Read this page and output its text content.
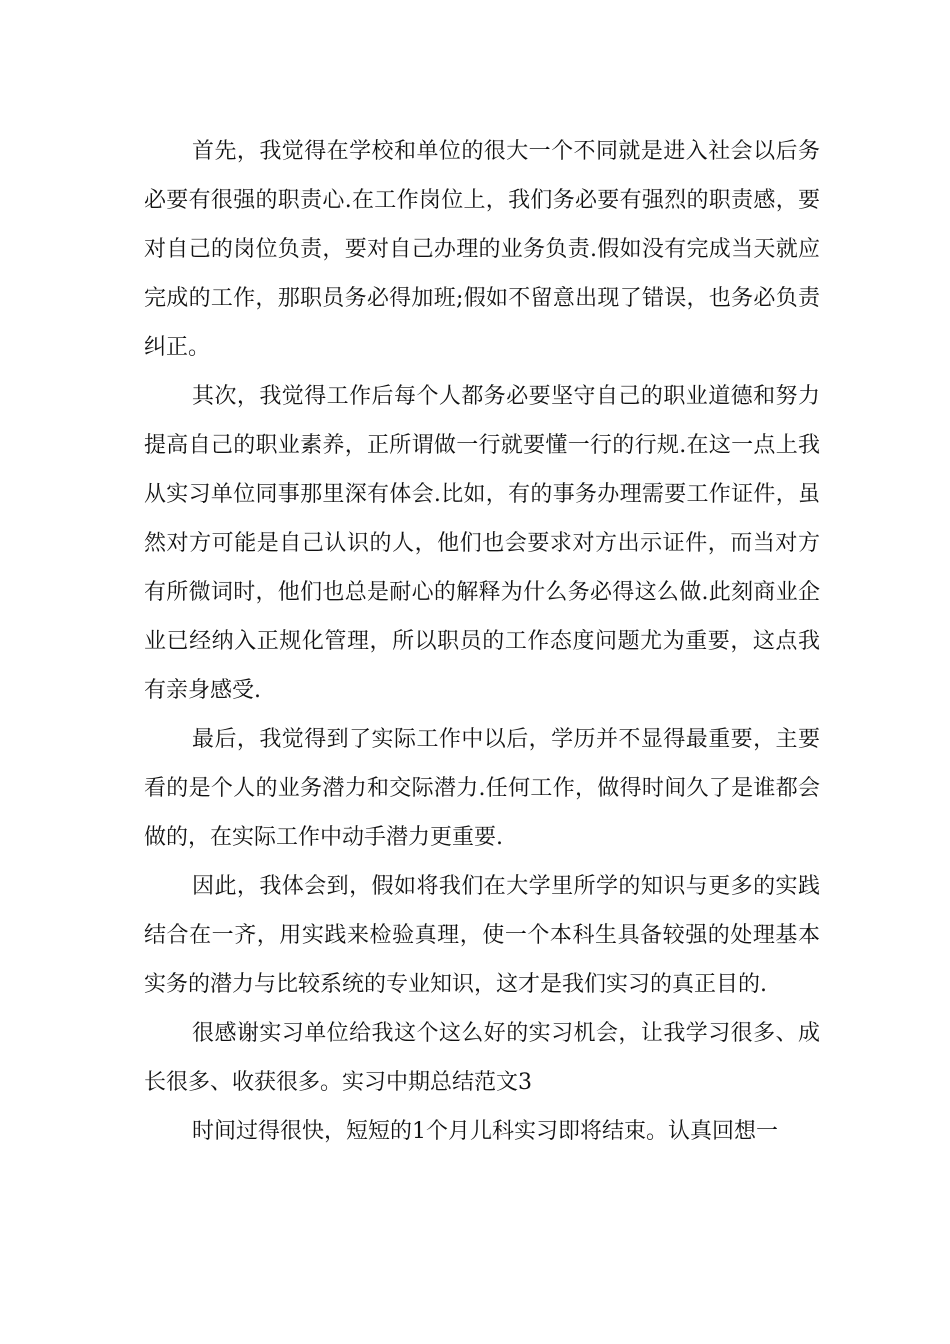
首先，我觉得在学校和单位的很大一个不同就是进入社会以后务必要有很强的职责心.在工作岗位上，我们务必要有强烈的职责感，要对自己的岗位负责，要对自己办理的业务负责.假如没有完成当天就应完成的工作，那职员务必得加班;假如不留意出现了错误，也务必负责纠正。

其次，我觉得工作后每个人都务必要坚守自己的职业道德和努力提高自己的职业素养，正所谓做一行就要懂一行的行规.在这一点上我从实习单位同事那里深有体会.比如，有的事务办理需要工作证件，虽然对方可能是自己认识的人，他们也会要求对方出示证件，而当对方有所微词时，他们也总是耐心的解释为什么务必得这么做.此刻商业企业已经纳入正规化管理，所以职员的工作态度问题尤为重要，这点我有亲身感受.

最后，我觉得到了实际工作中以后，学历并不显得最重要，主要看的是个人的业务潜力和交际潜力.任何工作，做得时间久了是谁都会做的，在实际工作中动手潜力更重要.

因此，我体会到，假如将我们在大学里所学的知识与更多的实践结合在一齐，用实践来检验真理，使一个本科生具备较强的处理基本实务的潜力与比较系统的专业知识，这才是我们实习的真正目的.

很感谢实习单位给我这个这么好的实习机会，让我学习很多、成长很多、收获很多。实习中期总结范文3

时间过得很快，短短的1个月儿科实习即将结束。认真回想一
